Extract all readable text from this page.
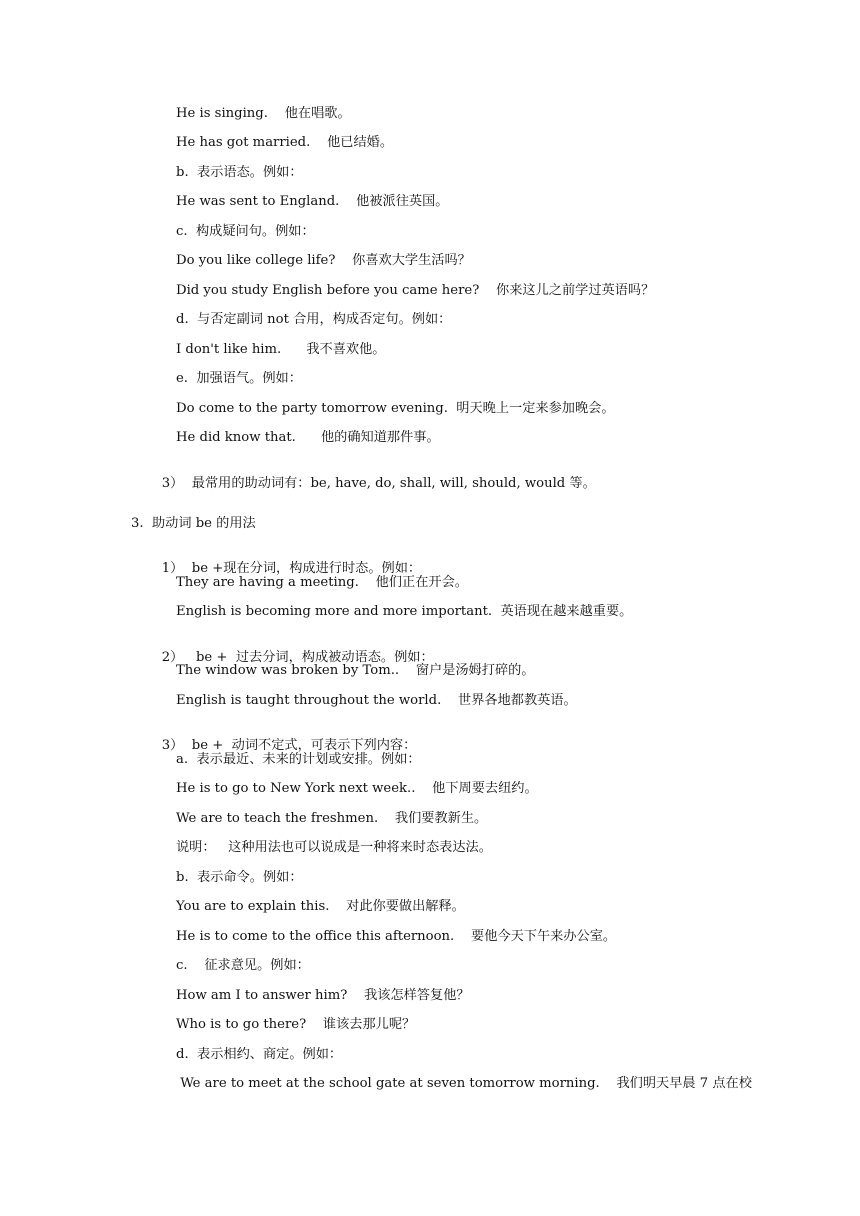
He is singing.    他在唱歌。
He has got married.    他已结婚。
b.  表示语态。例如：
He was sent to England.    他被派往英国。
c.  构成疑问句。例如：
Do you like college life?    你喜欢大学生活吗？
Did you study English before you came here?    你来这儿之前学过英语吗？
d.  与否定副词 not 合用，构成否定句。例如：
I don't like him.      我不喜欢他。
e.  加强语气。例如：
Do come to the party tomorrow evening.  明天晚上一定来参加晚会。
He did know that.      他的确知道那件事。

3） 最常用的助动词有：be, have, do, shall, will, should, would 等。

3.  助动词 be 的用法

1） be +现在分词，构成进行时态。例如：

They are having a meeting.    他们正在开会。
English is becoming more and more important.  英语现在越来越重要。

2） be +  过去分词，构成被动语态。例如：

The window was broken by Tom..    窗户是汤姆打碎的。
English is taught throughout the world.    世界各地都教英语。

3） be +  动词不定式，可表示下列内容：

a.  表示最近、未来的计划或安排。例如：
He is to go to New York next week..    他下周要去纽约。
We are to teach the freshmen.    我们要教新生。
说明：   这种用法也可以说成是一种将来时态表达法。
b.  表示命令。例如：
You are to explain this.    对此你要做出解释。
He is to come to the office this afternoon.    要他今天下午来办公室。
c.    征求意见。例如：
How am I to answer him?    我该怎样答复他？
Who is to go there?    谁该去那儿呢？
d.  表示相约、商定。例如：
We are to meet at the school gate at seven tomorrow morning.    我们明天早晨 7 点在校
